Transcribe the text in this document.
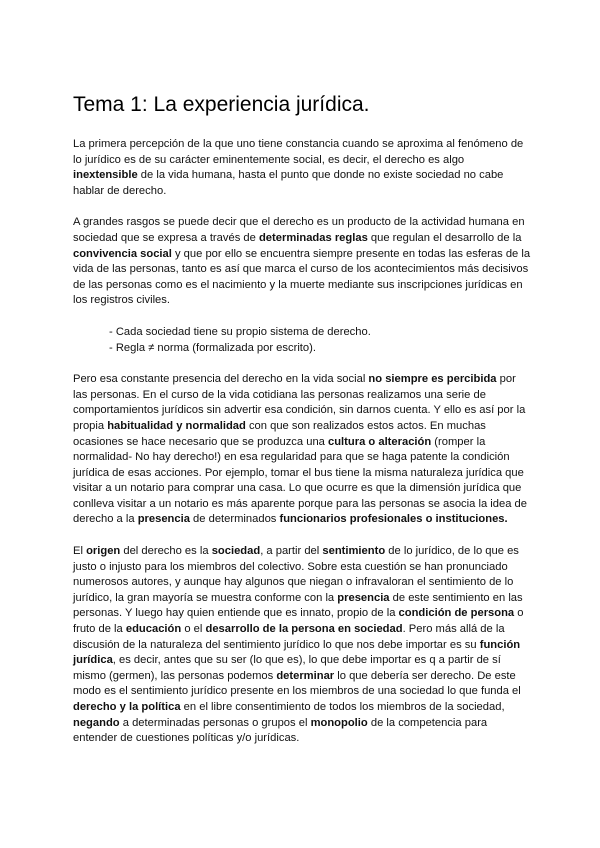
Tema 1: La experiencia jurídica.

La primera percepción de la que uno tiene constancia cuando se aproxima al fenómeno de lo jurídico es de su carácter eminentemente social, es decir, el derecho es algo inextensible de la vida humana, hasta el punto que donde no existe sociedad no cabe hablar de derecho.

A grandes rasgos se puede decir que el derecho es un producto de la actividad humana en sociedad que se expresa a través de determinadas reglas que regulan el desarrollo de la convivencia social y que por ello se encuentra siempre presente en todas las esferas de la vida de las personas, tanto es así que marca el curso de los acontecimientos más decisivos de las personas como es el nacimiento y la muerte mediante sus inscripciones jurídicas en los registros civiles.

- Cada sociedad tiene su propio sistema de derecho.
- Regla ≠ norma (formalizada por escrito).

Pero esa constante presencia del derecho en la vida social no siempre es percibida por las personas. En el curso de la vida cotidiana las personas realizamos una serie de comportamientos jurídicos sin advertir esa condición, sin darnos cuenta. Y ello es así por la propia habitualidad y normalidad con que son realizados estos actos. En muchas ocasiones se hace necesario que se produzca una cultura o alteración (romper la normalidad- No hay derecho!) en esa regularidad para que se haga patente la condición jurídica de esas acciones. Por ejemplo, tomar el bus tiene la misma naturaleza jurídica que visitar a un notario para comprar una casa. Lo que ocurre es que la dimensión jurídica que conlleva visitar a un notario es más aparente porque para las personas se asocia la idea de derecho a la presencia de determinados funcionarios profesionales o instituciones.

El origen del derecho es la sociedad, a partir del sentimiento de lo jurídico, de lo que es justo o injusto para los miembros del colectivo. Sobre esta cuestión se han pronunciado numerosos autores, y aunque hay algunos que niegan o infravaloran el sentimiento de lo jurídico, la gran mayoría se muestra conforme con la presencia de este sentimiento en las personas. Y luego hay quien entiende que es innato, propio de la condición de persona o fruto de la educación o el desarrollo de la persona en sociedad. Pero más allá de la discusión de la naturaleza del sentimiento jurídico lo que nos debe importar es su función jurídica, es decir, antes que su ser (lo que es), lo que debe importar es q a partir de sí mismo (germen), las personas podemos determinar lo que debería ser derecho. De este modo es el sentimiento jurídico presente en los miembros de una sociedad lo que funda el derecho y la política en el libre consentimiento de todos los miembros de la sociedad, negando a determinadas personas o grupos el monopolio de la competencia para entender de cuestiones políticas y/o jurídicas.
